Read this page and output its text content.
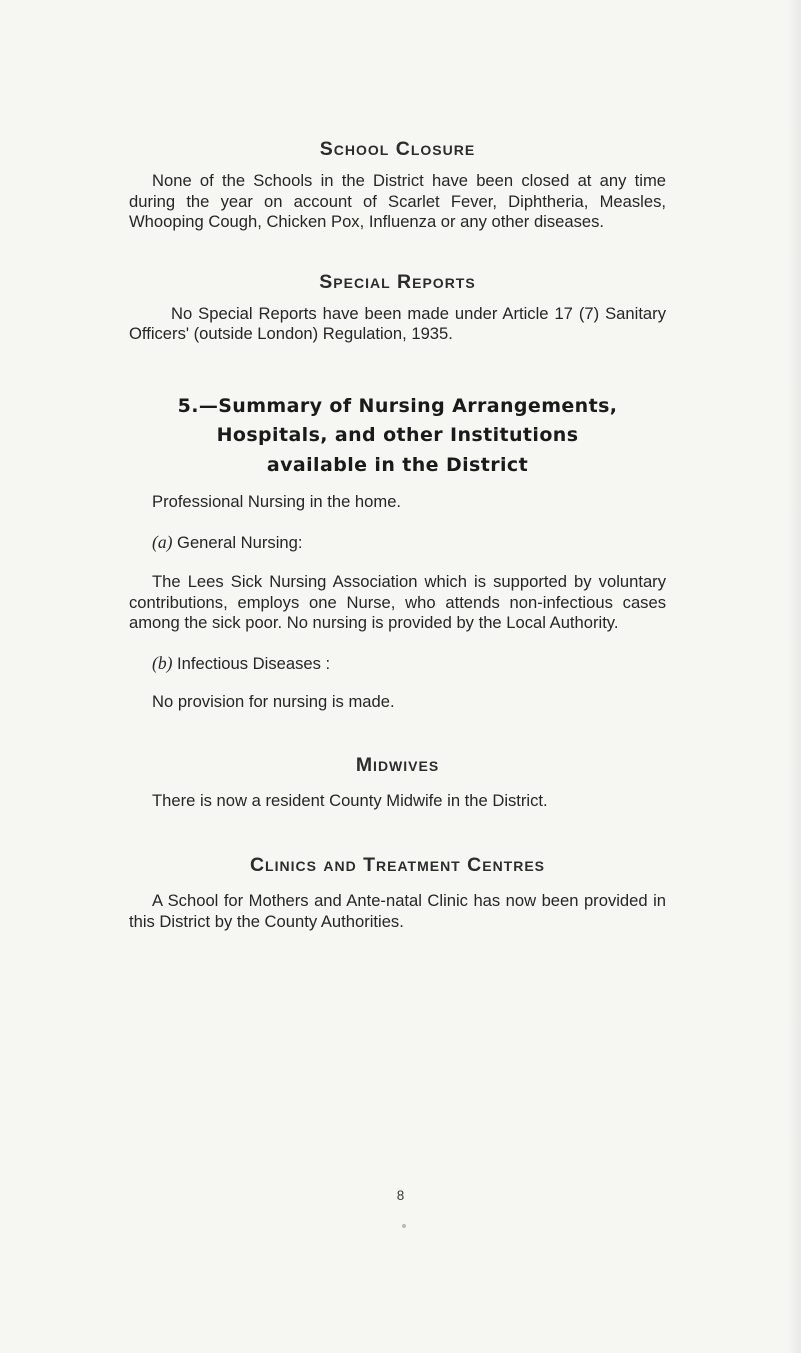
School Closure

None of the Schools in the District have been closed at any time during the year on account of Scarlet Fever, Diphtheria, Measles, Whooping Cough, Chicken Pox, Influenza or any other diseases.

Special Reports

No Special Reports have been made under Article 17 (7) Sanitary Officers' (outside London) Regulation, 1935.

5.—Summary of Nursing Arrangements,

Hospitals, and other Institutions

available in the District

Professional Nursing in the home.

(a) General Nursing:

The Lees Sick Nursing Association which is supported by voluntary contributions, employs one Nurse, who attends non-infectious cases among the sick poor. No nursing is provided by the Local Authority.

(b) Infectious Diseases :

No provision for nursing is made.

Midwives

There is now a resident County Midwife in the District.

Clinics and Treatment Centres

A School for Mothers and Ante-natal Clinic has now been provided in this District by the County Authorities.

8
